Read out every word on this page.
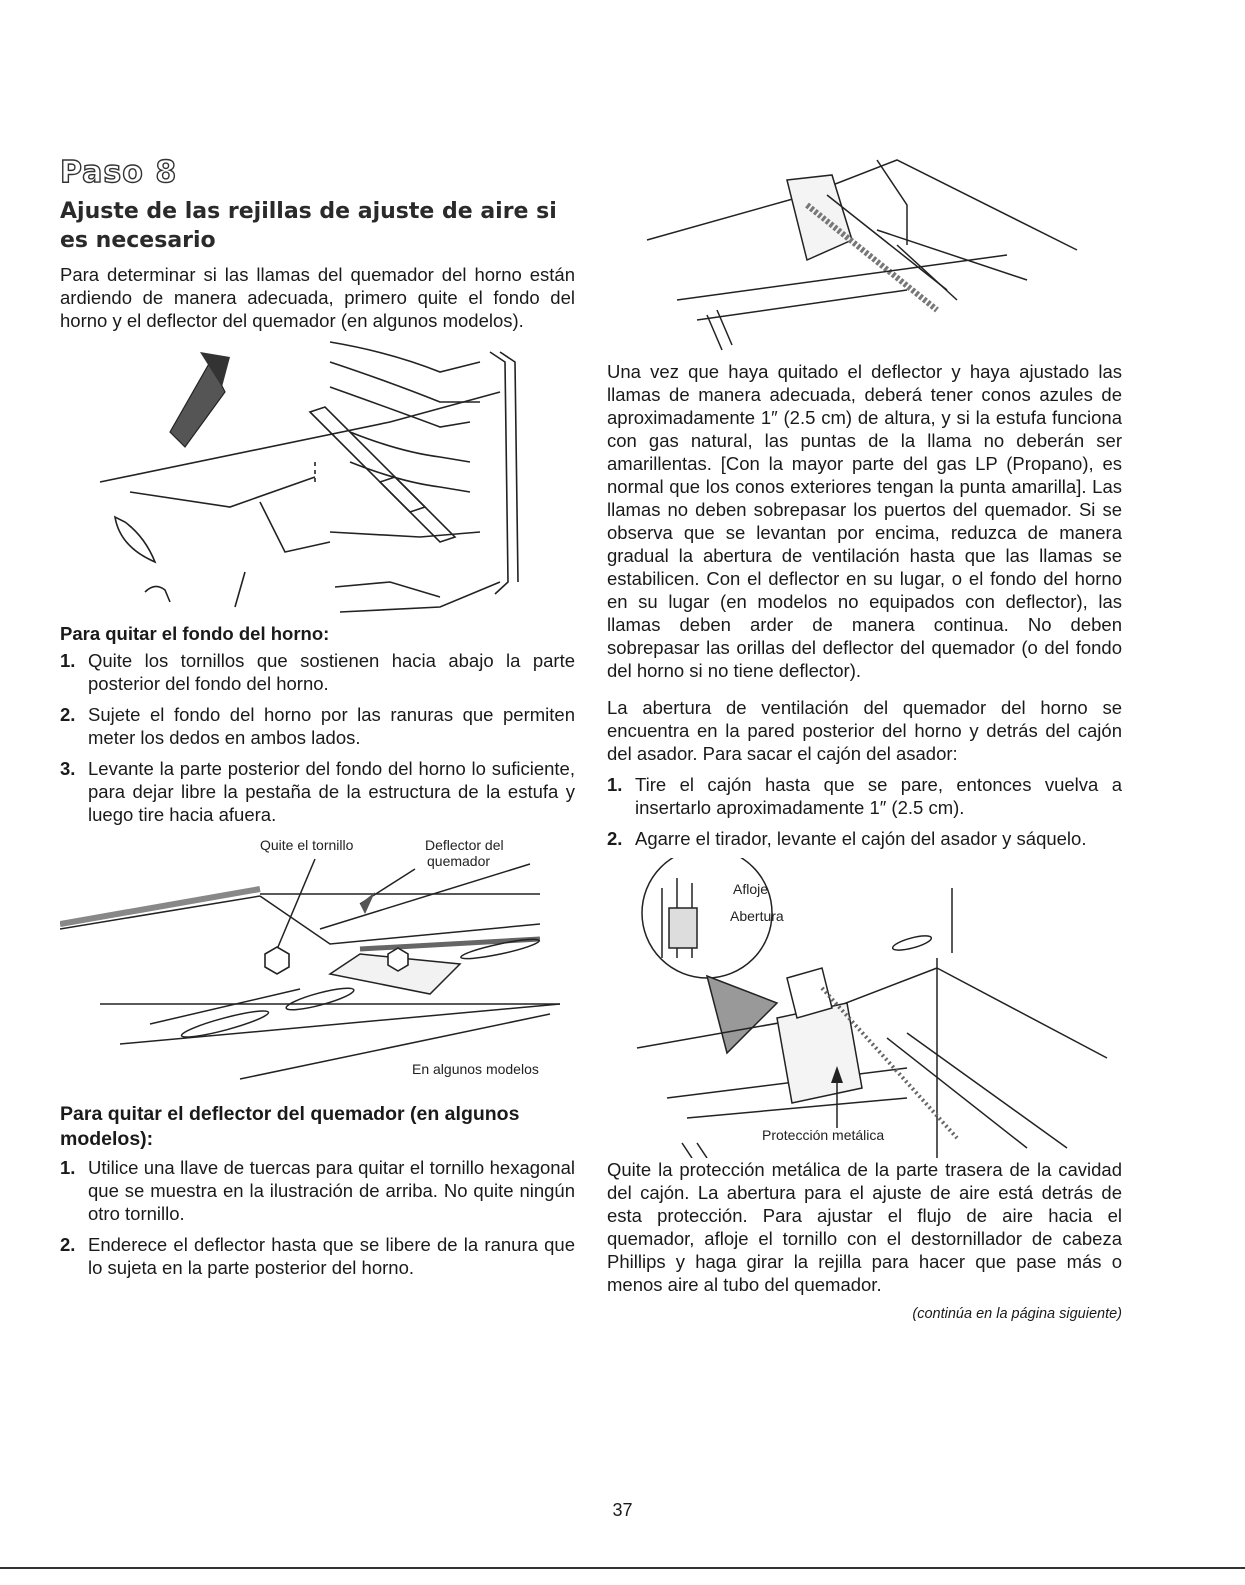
Paso 8
Ajuste de las rejillas de ajuste de aire si es necesario

Para determinar si las llamas del quemador del horno están ardiendo de manera adecuada, primero quite el fondo del horno y el deflector del quemador (en algunos modelos).

Para quitar el fondo del horno:

1. Quite los tornillos que sostienen hacia abajo la parte posterior del fondo del horno.
2. Sujete el fondo del horno por las ranuras que permiten meter los dedos en ambos lados.
3. Levante la parte posterior del fondo del horno lo suficiente, para dejar libre la pestaña de la estructura de la estufa y luego tire hacia afuera.
Quite el tornillo	Deflector del
quemador
En algunos modelos

Para quitar el deflector del quemador (en algunos modelos):

1. Utilice una llave de tuercas para quitar el tornillo hexagonal que se muestra en la ilustración de arriba. No quite ningún otro tornillo.
2. Enderece el deflector hasta que se libere de la ranura que lo sujeta en la parte posterior del horno.

Una vez que haya quitado el deflector y haya ajustado las llamas de manera adecuada, deberá tener conos azules de aproximadamente 1″ (2.5 cm) de altura, y si la estufa funciona con gas natural, las puntas de la llama no deberán ser amarillentas. [Con la mayor parte del gas LP (Propano), es normal que los conos exteriores tengan la punta amarilla]. Las llamas no deben sobrepasar los puertos del quemador. Si se observa que se levantan por encima, reduzca de manera gradual la abertura de ventilación hasta que las llamas se estabilicen. Con el deflector en su lugar, o el fondo del horno en su lugar (en modelos no equipados con deflector), las llamas deben arder de manera continua. No deben sobrepasar las orillas del deflector del quemador (o del fondo del horno si no tiene deflector).

La abertura de ventilación del quemador del horno se encuentra en la pared posterior del horno y detrás del cajón del asador. Para sacar el cajón del asador:

1. Tire el cajón hasta que se pare, entonces vuelva a insertarlo aproximadamente 1″ (2.5 cm).
2. Agarre el tirador, levante el cajón del asador y sáquelo.
Afloje
Abertura
Protección metálica

Quite la protección metálica de la parte trasera de la cavidad del cajón. La abertura para el ajuste de aire está detrás de esta protección. Para ajustar el flujo de aire hacia el quemador, afloje el tornillo con el destornillador de cabeza Phillips y haga girar la rejilla para hacer que pase más o menos aire al tubo del quemador.

(continúa en la página siguiente)

37
